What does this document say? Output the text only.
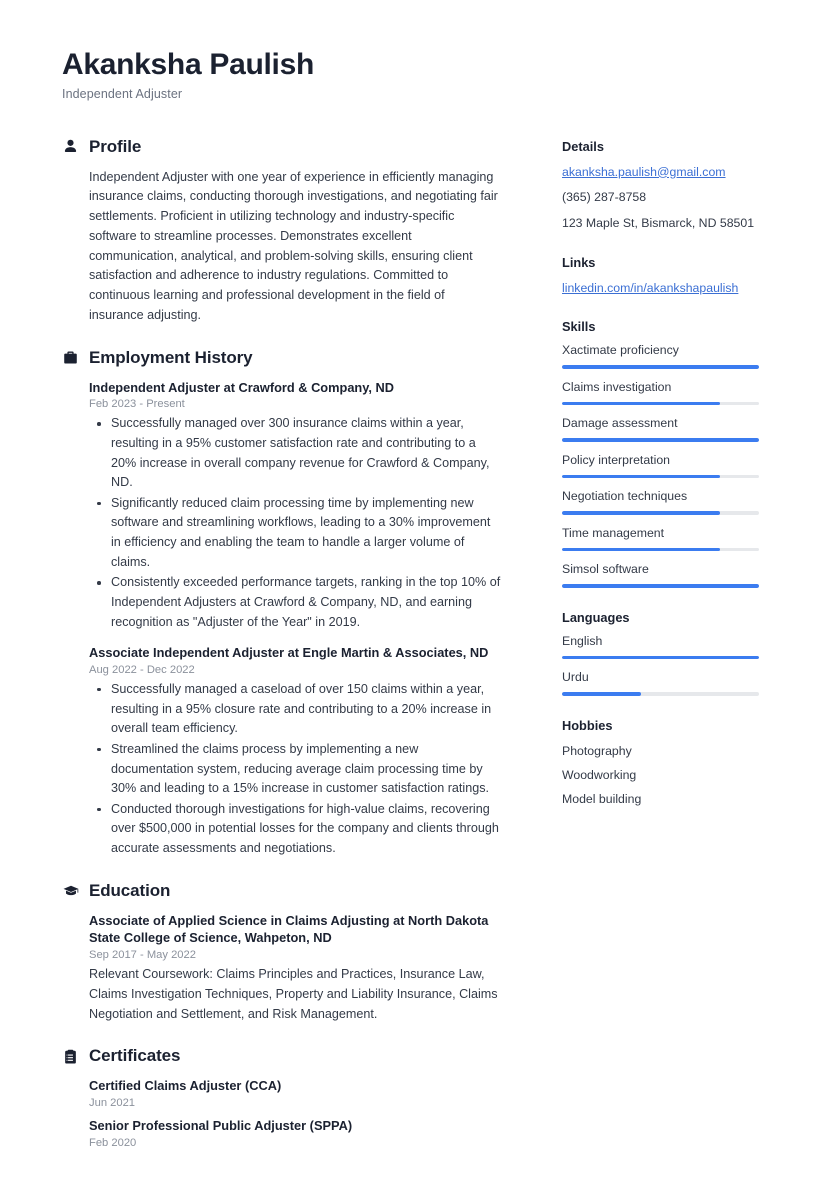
Akanksha Paulish
Independent Adjuster
Profile

Independent Adjuster with one year of experience in efficiently managing insurance claims, conducting thorough investigations, and negotiating fair settlements. Proficient in utilizing technology and industry-specific software to streamline processes. Demonstrates excellent communication, analytical, and problem-solving skills, ensuring client satisfaction and adherence to industry regulations. Committed to continuous learning and professional development in the field of insurance adjusting.

Employment History
Independent Adjuster at Crawford & Company, ND
Feb 2023 - Present
Successfully managed over 300 insurance claims within a year, resulting in a 95% customer satisfaction rate and contributing to a 20% increase in overall company revenue for Crawford & Company, ND.
Significantly reduced claim processing time by implementing new software and streamlining workflows, leading to a 30% improvement in efficiency and enabling the team to handle a larger volume of claims.
Consistently exceeded performance targets, ranking in the top 10% of Independent Adjusters at Crawford & Company, ND, and earning recognition as "Adjuster of the Year" in 2019.
Associate Independent Adjuster at Engle Martin & Associates, ND
Aug 2022 - Dec 2022
Successfully managed a caseload of over 150 claims within a year, resulting in a 95% closure rate and contributing to a 20% increase in overall team efficiency.
Streamlined the claims process by implementing a new documentation system, reducing average claim processing time by 30% and leading to a 15% increase in customer satisfaction ratings.
Conducted thorough investigations for high-value claims, recovering over $500,000 in potential losses for the company and clients through accurate assessments and negotiations.
Education
Associate of Applied Science in Claims Adjusting at North Dakota State College of Science, Wahpeton, ND
Sep 2017 - May 2022
Relevant Coursework: Claims Principles and Practices, Insurance Law, Claims Investigation Techniques, Property and Liability Insurance, Claims Negotiation and Settlement, and Risk Management.
Certificates
Certified Claims Adjuster (CCA)
Jun 2021
Senior Professional Public Adjuster (SPPA)
Feb 2020
Details
akanksha.paulish@gmail.com
(365) 287-8758
123 Maple St, Bismarck, ND 58501
Links
linkedin.com/in/akankshapaulish
Skills
Xactimate proficiency
Claims investigation
Damage assessment
Policy interpretation
Negotiation techniques
Time management
Simsol software
Languages
English
Urdu
Hobbies
Photography
Woodworking
Model building
